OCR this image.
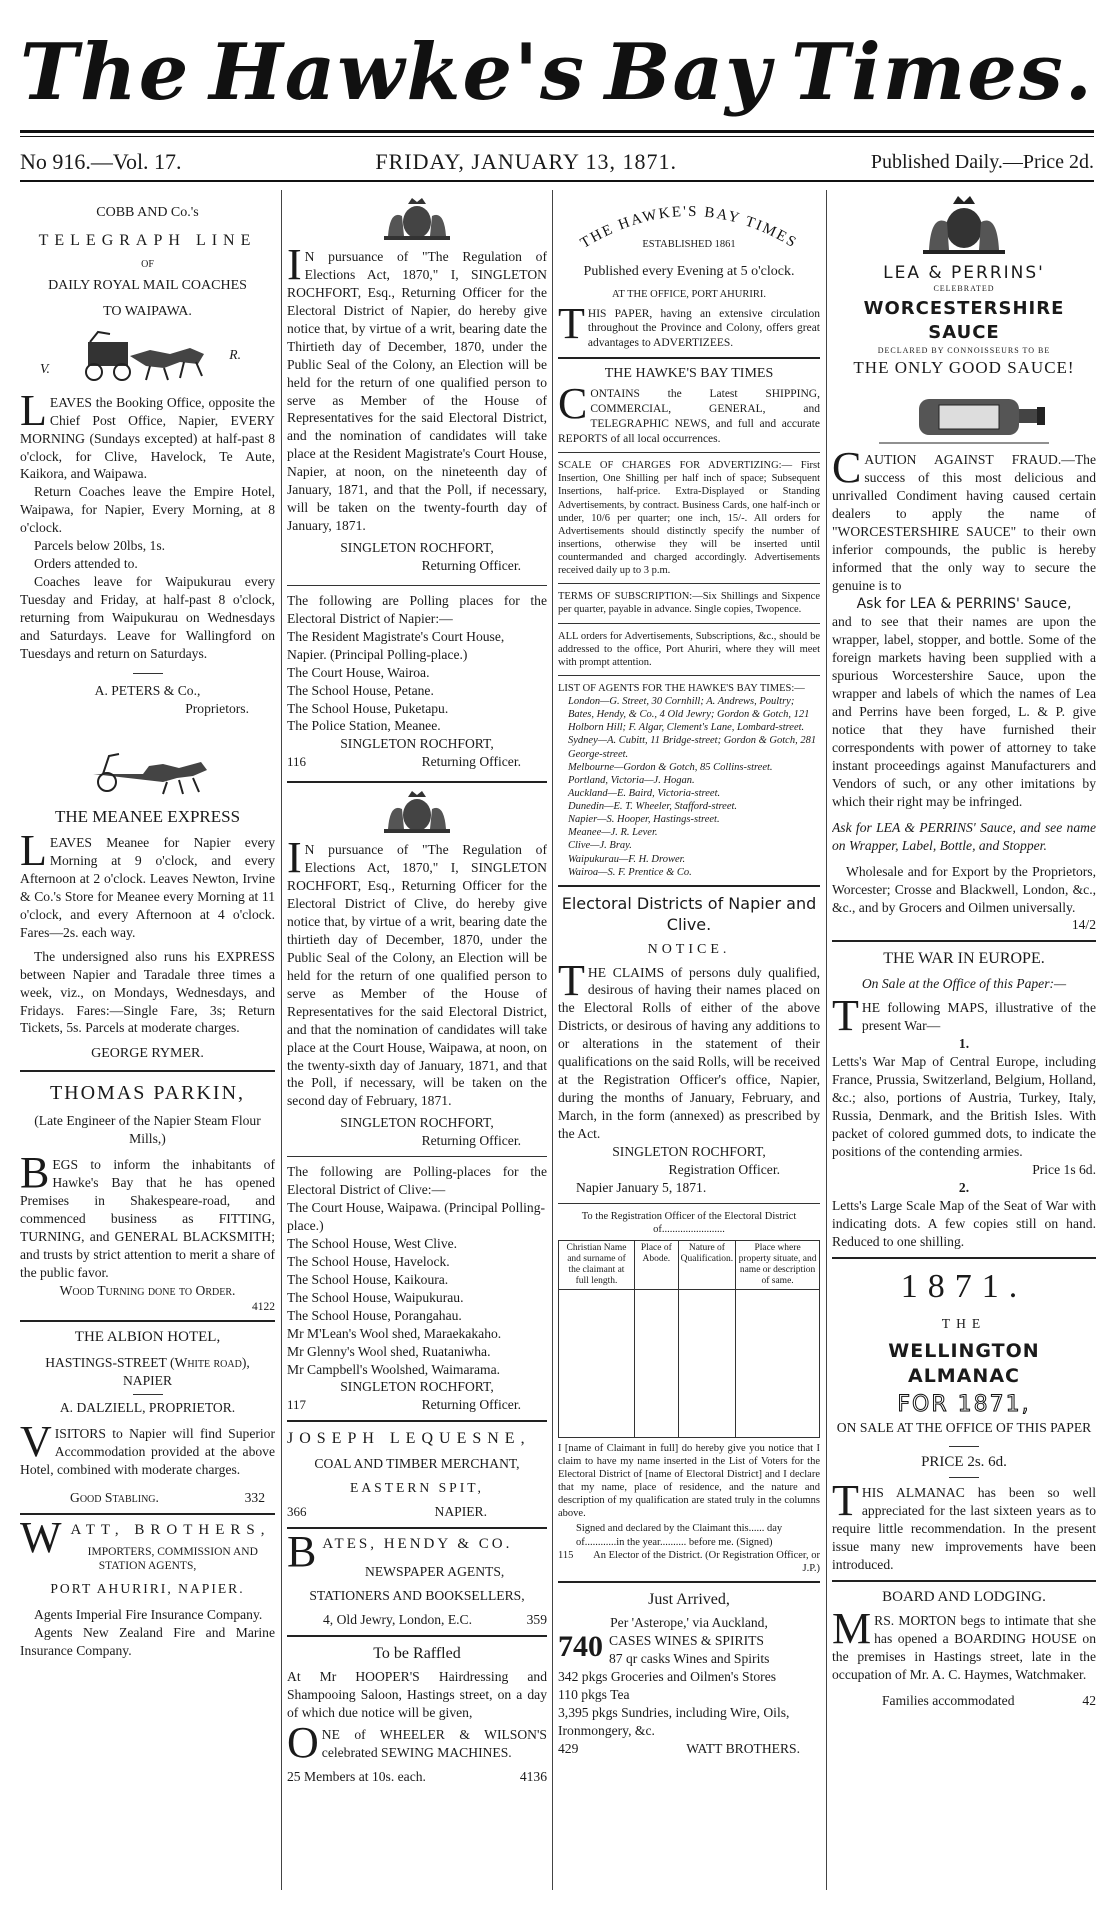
The Hawke's Bay Times.
No 916.—Vol. 17.	FRIDAY, JANUARY 13, 1871.	Published Daily.—Price 2d.
COBB AND Co.'s
TELEGRAPH LINE
OF
DAILY ROYAL MAIL COACHES
TO WAIPAWA.
V.
R.

LEAVES the Booking Office, opposite the Chief Post Office, Napier, EVERY MORNING (Sundays excepted) at half-past 8 o'clock, for Clive, Havelock, Te Aute, Kaikora, and Waipawa.

Return Coaches leave the Empire Hotel, Waipawa, for Napier, Every Morning, at 8 o'clock.

Parcels below 20lbs, 1s.

Orders attended to.

Coaches leave for Waipukurau every Tuesday and Friday, at half-past 8 o'clock, returning from Waipukurau on Wednesdays and Saturdays. Leave for Wallingford on Tuesdays and return on Saturdays.

A. PETERS & Co.,

Proprietors.

THE MEANEE EXPRESS

LEAVES Meanee for Napier every Morning at 9 o'clock, and every Afternoon at 2 o'clock. Leaves Newton, Irvine & Co.'s Store for Meanee every Morning at 11 o'clock, and every Afternoon at 4 o'clock. Fares—2s. each way.

The undersigned also runs his EXPRESS between Napier and Taradale three times a week, viz., on Mondays, Wednesdays, and Fridays. Fares:—Single Fare, 3s; Return Tickets, 5s. Parcels at moderate charges.

GEORGE RYMER.

THOMAS PARKIN,

(Late Engineer of the Napier Steam Flour Mills,)

BEGS to inform the inhabitants of Hawke's Bay that he has opened Premises in Shakespeare-road, and commenced business as FITTING, TURNING, and GENERAL BLACKSMITH; and trusts by strict attention to merit a share of the public favor.

Wood Turning done to Order.

4122

THE ALBION HOTEL,

HASTINGS-STREET (White road), NAPIER

A. DALZIELL, PROPRIETOR.

VISITORS to Napier will find Superior Accommodation provided at the above Hotel, combined with moderate charges.

Good Stabling.	332
WATT, BROTHERS,

IMPORTERS, COMMISSION AND

STATION AGENTS,

PORT AHURIRI, NAPIER.

Agents Imperial Fire Insurance Company.

Agents New Zealand Fire and Marine Insurance Company.

IN pursuance of "The Regulation of Elections Act, 1870," I, SINGLETON ROCHFORT, Esq., Returning Officer for the Electoral District of Napier, do hereby give notice that, by virtue of a writ, bearing date the Thirtieth day of December, 1870, under the Public Seal of the Colony, an Election will be held for the return of one qualified person to serve as Member of the House of Representatives for the said Electoral District, and the nomination of candidates will take place at the Resident Magistrate's Court House, Napier, at noon, on the nineteenth day of January, 1871, and that the Poll, if necessary, will be taken on the twenty-fourth day of January, 1871.

SINGLETON ROCHFORT,

Returning Officer.

The following are Polling places for the Electoral District of Napier:—

The Resident Magistrate's Court House, Napier. (Principal Polling-place.)

The Court House, Wairoa.

The School House, Petane.

The School House, Puketapu.

The Police Station, Meanee.

SINGLETON ROCHFORT,

116	Returning Officer.

IN pursuance of "The Regulation of Elections Act, 1870," I, SINGLETON ROCHFORT, Esq., Returning Officer for the Electoral District of Clive, do hereby give notice that, by virtue of a writ, bearing date the thirtieth day of December, 1870, under the Public Seal of the Colony, an Election will be held for the return of one qualified person to serve as Member of the House of Representatives for the said Electoral District, and that the nomination of candidates will take place at the Court House, Waipawa, at noon, on the twenty-sixth day of January, 1871, and that the Poll, if necessary, will be taken on the second day of February, 1871.

SINGLETON ROCHFORT,

Returning Officer.

The following are Polling-places for the Electoral District of Clive:—

The Court House, Waipawa. (Principal Polling-place.)

The School House, West Clive.

The School House, Havelock.

The School House, Kaikoura.

The School House, Waipukurau.

The School House, Porangahau.

Mr M'Lean's Wool shed, Maraekakaho.

Mr Glenny's Wool shed, Ruataniwha.

Mr Campbell's Woolshed, Waimarama.

SINGLETON ROCHFORT,

117	Returning Officer.
JOSEPH LEQUESNE,

COAL AND TIMBER MERCHANT,

EASTERN SPIT,

366	NAPIER.
BATES, HENDY & CO.

NEWSPAPER AGENTS,

STATIONERS AND BOOKSELLERS,

4, Old Jewry, London, E.C.	359
To be Raffled

At Mr HOOPER'S Hairdressing and Shampooing Saloon, Hastings street, on a day of which due notice will be given,

ONE of WHEELER & WILSON'S celebrated SEWING MACHINES.

25 Members at 10s. each.	4136
THE HAWKE'S BAY TIMES

ESTABLISHED 1861

Published every Evening at 5 o'clock.

AT THE OFFICE, PORT AHURIRI.

THIS PAPER, having an extensive circulation throughout the Province and Colony, offers great advantages to ADVERTIZEES.

THE HAWKE'S BAY TIMES

CONTAINS the Latest SHIPPING, COMMERCIAL, GENERAL, and TELEGRAPHIC NEWS, and full and accurate REPORTS of all local occurrences.

SCALE OF CHARGES FOR ADVERTIZING:— First Insertion, One Shilling per half inch of space; Subsequent Insertions, half-price. Extra-Displayed or Standing Advertisements, by contract. Business Cards, one half-inch or under, 10/6 per quarter; one inch, 15/-. All orders for Advertisements should distinctly specify the number of insertions, otherwise they will be inserted until countermanded and charged accordingly. Advertisements received daily up to 3 p.m.

TERMS OF SUBSCRIPTION:—Six Shillings and Sixpence per quarter, payable in advance. Single copies, Twopence.

ALL orders for Advertisements, Subscriptions, &c., should be addressed to the office, Port Ahuriri, where they will meet with prompt attention.

LIST OF AGENTS FOR THE HAWKE'S BAY TIMES:—

London—G. Street, 30 Cornhill; A. Andrews, Poultry; Bates, Hendy, & Co., 4 Old Jewry; Gordon & Gotch, 121 Holborn Hill; F. Algar, Clement's Lane, Lombard-street.

Sydney—A. Cubitt, 11 Bridge-street; Gordon & Gotch, 281 George-street.

Melbourne—Gordon & Gotch, 85 Collins-street.

Portland, Victoria—J. Hogan.

Auckland—E. Baird, Victoria-street.

Dunedin—E. T. Wheeler, Stafford-street.

Napier—S. Hooper, Hastings-street.

Meanee—J. R. Lever.

Clive—J. Bray.

Waipukurau—F. H. Drower.

Wairoa—S. F. Prentice & Co.

Electoral Districts of Napier and Clive.

NOTICE.

THE CLAIMS of persons duly qualified, desirous of having their names placed on the Electoral Rolls of either of the above Districts, or desirous of having any additions to or alterations in the statement of their qualifications on the said Rolls, will be received at the Registration Officer's office, Napier, during the months of January, February, and March, in the form (annexed) as prescribed by the Act.

SINGLETON ROCHFORT,

Registration Officer.

Napier January 5, 1871.

To the Registration Officer of the Electoral District of........................

Christian Name and surname of the claimant at full length.	Place of Abode.	Nature of Qualification.	Place where property situate, and name or description of same.

I [name of Claimant in full] do hereby give you notice that I claim to have my name inserted in the List of Voters for the Electoral District of [name of Electoral District] and I declare that my name, place of residence, and the nature and description of my qualification are stated truly in the columns above.

Signed and declared by the Claimant this...... day of............in the year.......... before me. (Signed)

115	An Elector of the District. (Or Registration Officer, or J.P.)
Just Arrived,

Per 'Asterope,' via Auckland,

740 CASES WINES & SPIRITS

87 qr casks Wines and Spirits

342 pkgs Groceries and Oilmen's Stores

110 pkgs Tea

3,395 pkgs Sundries, including Wire, Oils, Ironmongery, &c.

429	WATT BROTHERS.
LEA & PERRINS'

CELEBRATED

WORCESTERSHIRE SAUCE

DECLARED BY CONNOISSEURS TO BE

THE ONLY GOOD SAUCE!

CAUTION AGAINST FRAUD.—The success of this most delicious and unrivalled Condiment having caused certain dealers to apply the name of "WORCESTERSHIRE SAUCE" to their own inferior compounds, the public is hereby informed that the only way to secure the genuine is to

Ask for LEA & PERRINS' Sauce,

and to see that their names are upon the wrapper, label, stopper, and bottle. Some of the foreign markets having been supplied with a spurious Worcestershire Sauce, upon the wrapper and labels of which the names of Lea and Perrins have been forged, L. & P. give notice that they have furnished their correspondents with power of attorney to take instant proceedings against Manufacturers and Vendors of such, or any other imitations by which their right may be infringed.

Ask for LEA & PERRINS' Sauce, and see name on Wrapper, Label, Bottle, and Stopper.

Wholesale and for Export by the Proprietors, Worcester; Crosse and Blackwell, London, &c., &c., and by Grocers and Oilmen universally.

14/2

THE WAR IN EUROPE.

On Sale at the Office of this Paper:—

THE following MAPS, illustrative of the present War—

1.

Letts's War Map of Central Europe, including France, Prussia, Switzerland, Belgium, Holland, &c.; also, portions of Austria, Turkey, Italy, Russia, Denmark, and the British Isles. With packet of colored gummed dots, to indicate the positions of the contending armies.

Price 1s 6d.

2.

Letts's Large Scale Map of the Seat of War with indicating dots. A few copies still on hand. Reduced to one shilling.

1871.

THE

WELLINGTON ALMANAC
FOR 1871,

ON SALE AT THE OFFICE OF THIS PAPER

PRICE 2s. 6d.

THIS ALMANAC has been so well appreciated for the last sixteen years as to require little recommendation. In the present issue many new improvements have been introduced.

BOARD AND LODGING.

MRS. MORTON begs to intimate that she has opened a BOARDING HOUSE on the premises in Hastings street, late in the occupation of Mr. A. C. Haymes, Watchmaker.

Families accommodated	42
